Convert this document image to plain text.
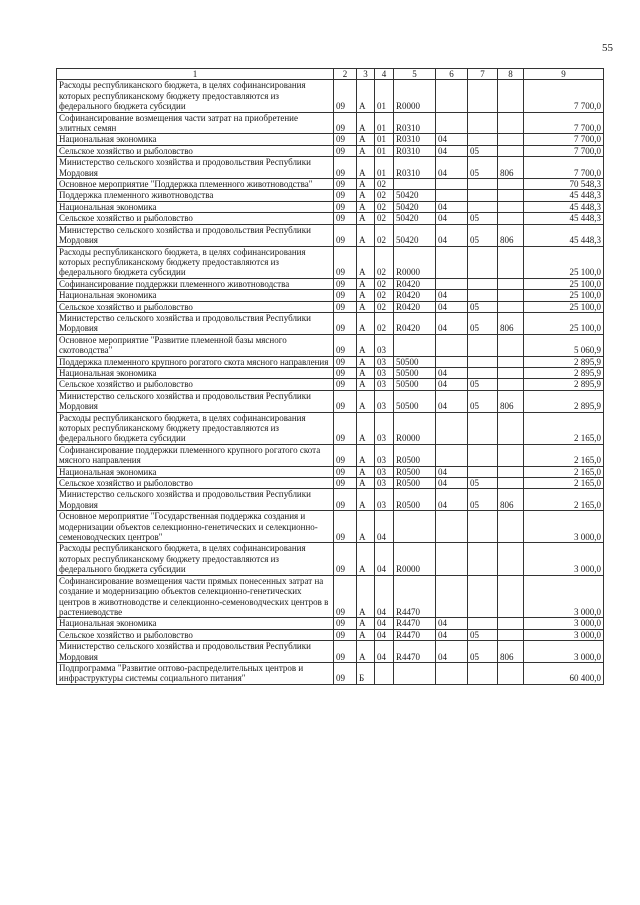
55
1	2	3	4	5	6	7	8	9
Расходы республиканского бюджета, в целях софинансирования которых республиканскому бюджету предоставляются из федерального бюджета субсидии	09	А	01	R0000				7 700,0
Софинансирование возмещения части затрат на приобретение элитных семян	09	А	01	R0310				7 700,0
Национальная экономика	09	А	01	R0310	04			7 700,0
Сельское хозяйство и рыболовство	09	А	01	R0310	04	05		7 700,0
Министерство сельского хозяйства и продовольствия Республики Мордовия	09	А	01	R0310	04	05	806	7 700,0
Основное мероприятие "Поддержка племенного животноводства"	09	А	02					70 548,3
Поддержка племенного животноводства	09	А	02	50420				45 448,3
Национальная экономика	09	А	02	50420	04			45 448,3
Сельское хозяйство и рыболовство	09	А	02	50420	04	05		45 448,3
Министерство сельского хозяйства и продовольствия Республики Мордовия	09	А	02	50420	04	05	806	45 448,3
Расходы республиканского бюджета, в целях софинансирования которых республиканскому бюджету предоставляются из федерального бюджета субсидии	09	А	02	R0000				25 100,0
Софинансирование поддержки племенного животноводства	09	А	02	R0420				25 100,0
Национальная экономика	09	А	02	R0420	04			25 100,0
Сельское хозяйство и рыболовство	09	А	02	R0420	04	05		25 100,0
Министерство сельского хозяйства и продовольствия Республики Мордовия	09	А	02	R0420	04	05	806	25 100,0
Основное мероприятие "Развитие племенной базы мясного скотоводства"	09	А	03					5 060,9
Поддержка племенного крупного рогатого скота мясного направления	09	А	03	50500				2 895,9
Национальная экономика	09	А	03	50500	04			2 895,9
Сельское хозяйство и рыболовство	09	А	03	50500	04	05		2 895,9
Министерство сельского хозяйства и продовольствия Республики Мордовия	09	А	03	50500	04	05	806	2 895,9
Расходы республиканского бюджета, в целях софинансирования которых республиканскому бюджету предоставляются из федерального бюджета субсидии	09	А	03	R0000				2 165,0
Софинансирование поддержки племенного крупного рогатого скота мясного направления	09	А	03	R0500				2 165,0
Национальная экономика	09	А	03	R0500	04			2 165,0
Сельское хозяйство и рыболовство	09	А	03	R0500	04	05		2 165,0
Министерство сельского хозяйства и продовольствия Республики Мордовия	09	А	03	R0500	04	05	806	2 165,0
Основное мероприятие "Государственная поддержка создания и модернизации объектов селекционно-генетических и селекционно-семеноводческих центров"	09	А	04					3 000,0
Расходы республиканского бюджета, в целях софинансирования которых республиканскому бюджету предоставляются из федерального бюджета субсидии	09	А	04	R0000				3 000,0
Софинансирование возмещения части прямых понесенных затрат на создание и модернизацию объектов селекционно-генетических центров в животноводстве и селекционно-семеноводческих центров в растениеводстве	09	А	04	R4470				3 000,0
Национальная экономика	09	А	04	R4470	04			3 000,0
Сельское хозяйство и рыболовство	09	А	04	R4470	04	05		3 000,0
Министерство сельского хозяйства и продовольствия Республики Мордовия	09	А	04	R4470	04	05	806	3 000,0
Подпрограмма "Развитие оптово-распределительных центров и инфраструктуры системы социального питания"	09	Б						60 400,0
